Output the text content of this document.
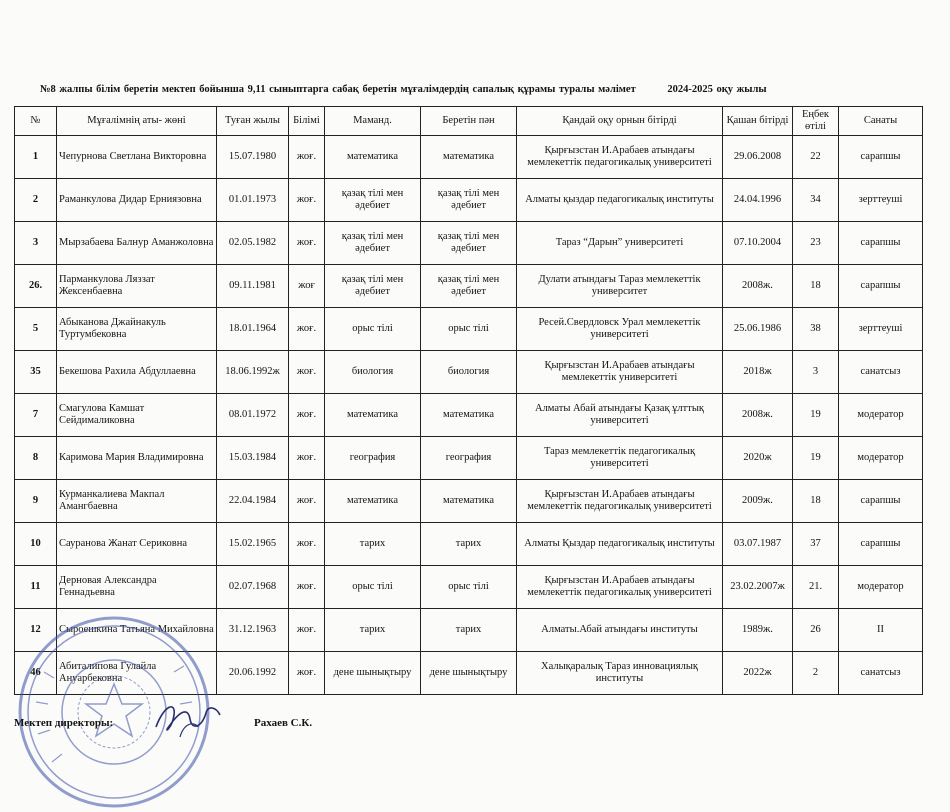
№8 жалпы білім беретін мектеп бойынша 9,11 сыныптарга сабақ беретін мұғалімдердің сапалық құрамы туралы мәлімет	2024-2025 оқу жылы
№	Мұғалімнің аты- жөні	Туған жылы	Білімі	Маманд.	Беретін пән	Қандай оқу орнын бітірді	Қашан бітірді	Еңбек өтілі	Санаты
1	Чепурнова Светлана Викторовна	15.07.1980	жоғ.	математика	математика	Қырғызстан И.Арабаев атындағы мемлекеттік педагогикалық университеті	29.06.2008	22	сарапшы
2	Раманкулова Дидар Ерниязовна	01.01.1973	жоғ.	қазақ тілі мен әдебиет	қазақ тілі мен әдебиет	Алматы қыздар педагогикалық институты	24.04.1996	34	зерттеуші
3	Мырзабаева Балнур Аманжоловна	02.05.1982	жоғ.	қазақ тілі мен әдебиет	қазақ тілі мен әдебиет	Тараз “Дарын” университеті	07.10.2004	23	сарапшы
26.	Парманкулова Ляззат Жексенбаевна	09.11.1981	жоғ	қазақ тілі мен әдебиет	қазақ тілі мен әдебиет	Дулати атындағы Тараз мемлекеттік университет	2008ж.	18	сарапшы
5	Абыканова Джайнакуль Туртумбековна	18.01.1964	жоғ.	орыс тілі	орыс тілі	Ресей.Свердловск Урал мемлекеттік университеті	25.06.1986	38	зерттеуші
35	Бекешова Рахила Абдуллаевна	18.06.1992ж	жоғ.	биология	биология	Қырғызстан И.Арабаев атындағы мемлекеттік университеті	2018ж	3	санатсыз
7	Смагулова Камшат Сейдималиковна	08.01.1972	жоғ.	математика	математика	Алматы Абай атындағы Қазақ ұлттық университеті	2008ж.	19	модератор
8	Каримова Мария Владимировна	15.03.1984	жоғ.	география	география	Тараз мемлекеттік педагогикалық университеті	2020ж	19	модератор
9	Курманкалиева Макпал Амангбаевна	22.04.1984	жоғ.	математика	математика	Қырғызстан И.Арабаев атындағы мемлекеттік педагогикалық университеті	2009ж.	18	сарапшы
10	Сауранова Жанат Сериковна	15.02.1965	жоғ.	тарих	тарих	Алматы Қыздар педагогикалық институты	03.07.1987	37	сарапшы
11	Дерновая Александра Геннадьевна	02.07.1968	жоғ.	орыс тілі	орыс тілі	Қырғызстан И.Арабаев атындағы мемлекеттік педагогикалық университеті	23.02.2007ж	21.	модератор
12	Сыроешкина Татьяна Михайловна	31.12.1963	жоғ.	тарих	тарих	Алматы.Абай атындағы институты	1989ж.	26	II
46	Абиталипова Гулайла Ануарбековна	20.06.1992	жоғ.	дене шынықтыру	дене шынықтыру	Халықаралық Тараз инновациялық институты	2022ж	2	санатсыз
Мектеп директоры:	Рахаев С.К.
